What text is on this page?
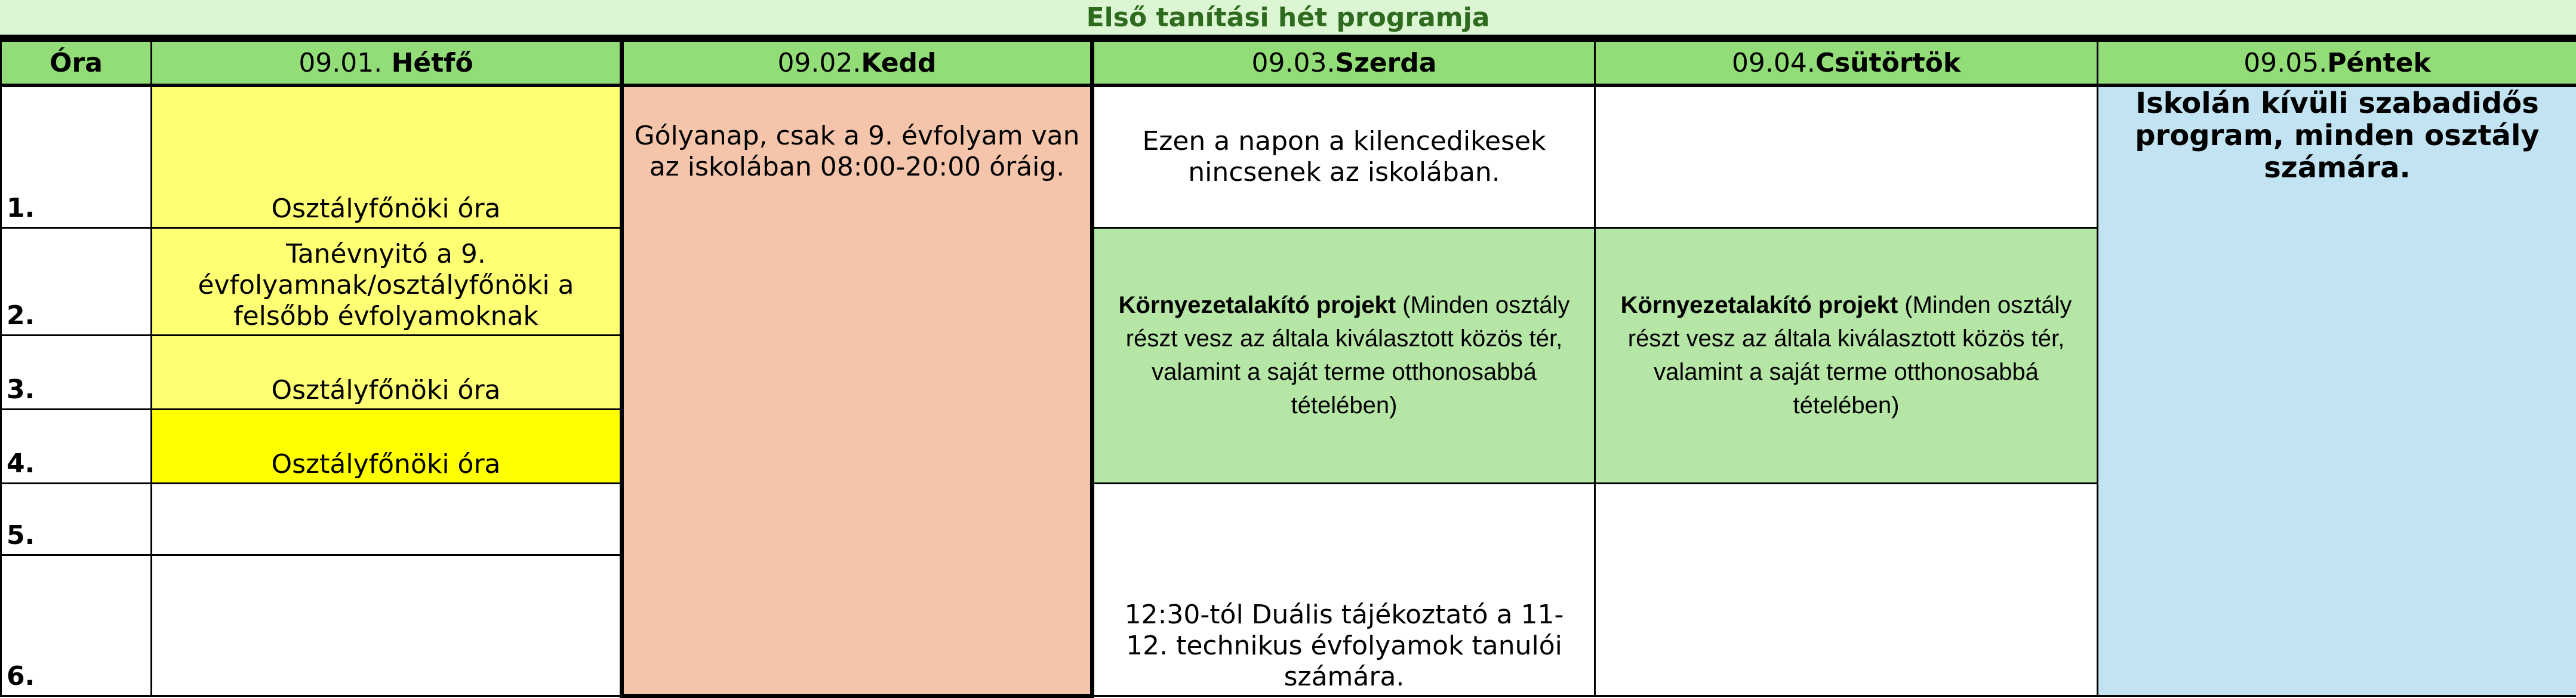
Első tanítási hét programja
Óra	09.01. Hétfő	09.02.Kedd	09.03.Szerda	09.04.Csütörtök	09.05.Péntek
1.	Osztályfőnöki óra	Gólyanap, csak a 9. évfolyam van az iskolában 08:00-20:00 óráig.	Ezen a napon a kilencedikesek nincsenek az iskolában.		Iskolán kívüli szabadidős program, minden osztály számára.
2.	Tanévnyitó a 9. évfolyamnak/osztályfőnöki a felsőbb évfolyamoknak		Környezetalakító projekt (Minden osztály részt vesz az általa kiválasztott közös tér, valamint a saját terme otthonosabbá tételében)	Környezetalakító projekt (Minden osztály részt vesz az általa kiválasztott közös tér, valamint a saját terme otthonosabbá tételében)	
3.	Osztályfőnöki óra				
4.	Osztályfőnöki óra				
5.			12:30-tól Duális tájékoztató a 11-12. technikus évfolyamok tanulói számára.		
6.					
